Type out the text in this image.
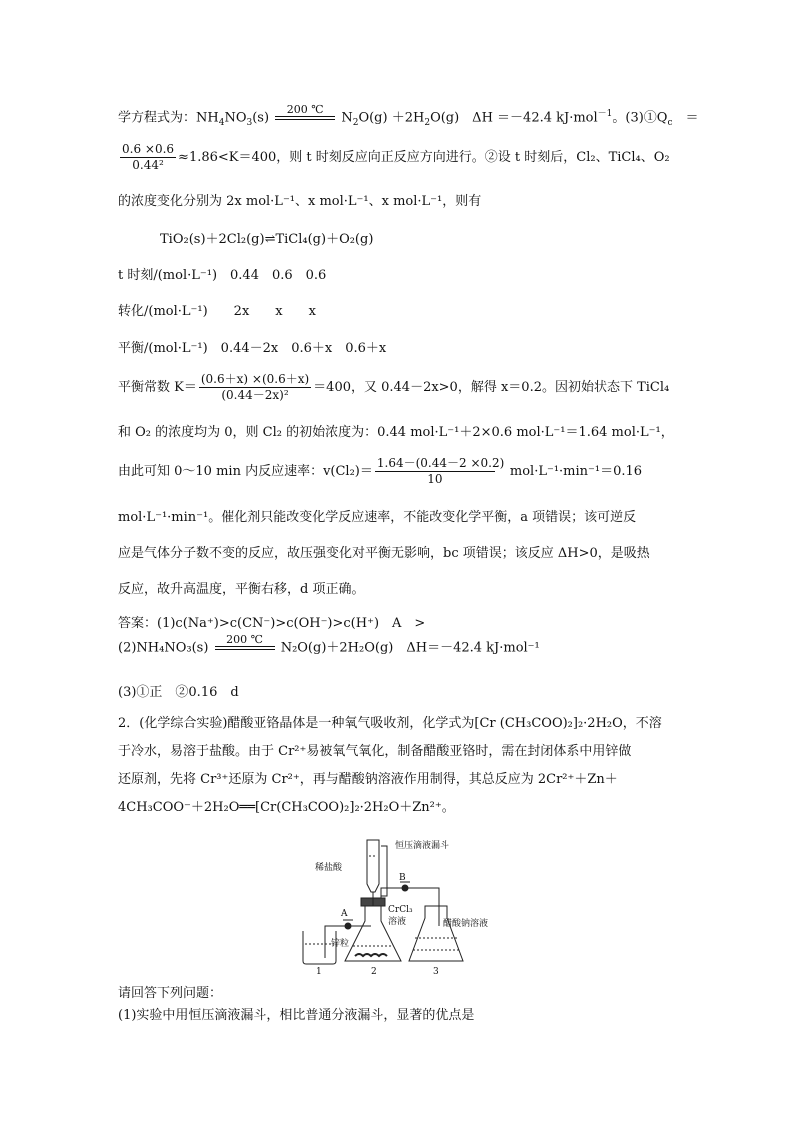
学方程式为：$NH_4NO_3(s)$
200 ℃
$N_2O(g) +2H_2O(g)$　ΔH ＝－42.4 kJ·mol$^{-1}$。$(3)①Q_c$　 ＝
$\frac{0.6 \times 0.6}{\text{0.44²}} \approx 1.86<K=400$，则 t 时刻反应向正反应方向进行。②设 t 时刻后，Cl₂、TiCl₄、O₂
的浓度变化分别为 2x mol·L⁻¹、x mol·L⁻¹、x mol·L⁻¹，则有
TiO₂(s)＋2Cl₂(g)⇌TiCl₄(g)＋O₂(g)
t 时刻/(mol·L⁻¹)　0.44　0.6　0.6
转化/(mol·L⁻¹)　　2x　　x　　x
平衡/(mol·L⁻¹)　0.44－2x　0.6＋x　0.6＋x
平衡常数 $K= \frac{(0.6+x) \times(0.6+x)}{\text{(0.44－2x)²}} =400$，又 0.44－2x>0，解得 x＝0.2。因初始状态下 TiCl₄
和 O₂ 的浓度均为 0，则 Cl₂ 的初始浓度为：0.44 mol·L⁻¹＋2×0.6 mol·L⁻¹＝1.64 mol·L⁻¹，
由此可知 0～10 min 内反应速率：$v(Cl_2)= \frac{1.64-(0.44-2 \times 0.2)}{10}$
　 mol·L⁻¹·min⁻¹＝0.16
mol·L⁻¹·min⁻¹。催化剂只能改变化学反应速率，不能改变化学平衡，a 项错误；该可逆反
应是气体分子数不变的反应，故压强变化对平衡无影响，bc 项错误；该反应 ΔH>0，是吸热
反应，故升高温度，平衡右移，d 项正确。
答案：(1)c(Na⁺)>c(CN⁻)>c(OH⁻)>c(H⁺)　A　>
(2)NH₄NO₃(s)
200 ℃
N₂O(g)＋2H₂O(g)　ΔH＝－42.4 kJ·mol⁻¹
(3)①正　②0.16　d
2．(化学综合实验)醋酸亚铬晶体是一种氧气吸收剂，化学式为[Cr (CH₃COO)₂]₂·2H₂O，不溶
于冷水，易溶于盐酸。由于 Cr²⁺易被氧气氧化，制备醋酸亚铬时，需在封闭体系中用锌做
还原剂，先将 Cr³⁺还原为 Cr²⁺，再与醋酸钠溶液作用制得，其总反应为 2Cr²⁺＋Zn＋
4CH₃COO⁻＋2H₂O══[Cr(CH₃COO)₂]₂·2H₂O＋Zn²⁺。
恒压滴液漏斗
稀盐酸
B
A	CrCl₃
溶液	醋酸钠溶液
锌粒
1	2	3
请回答下列问题：
(1)实验中用恒压滴液漏斗，相比普通分液漏斗，显著的优点是
